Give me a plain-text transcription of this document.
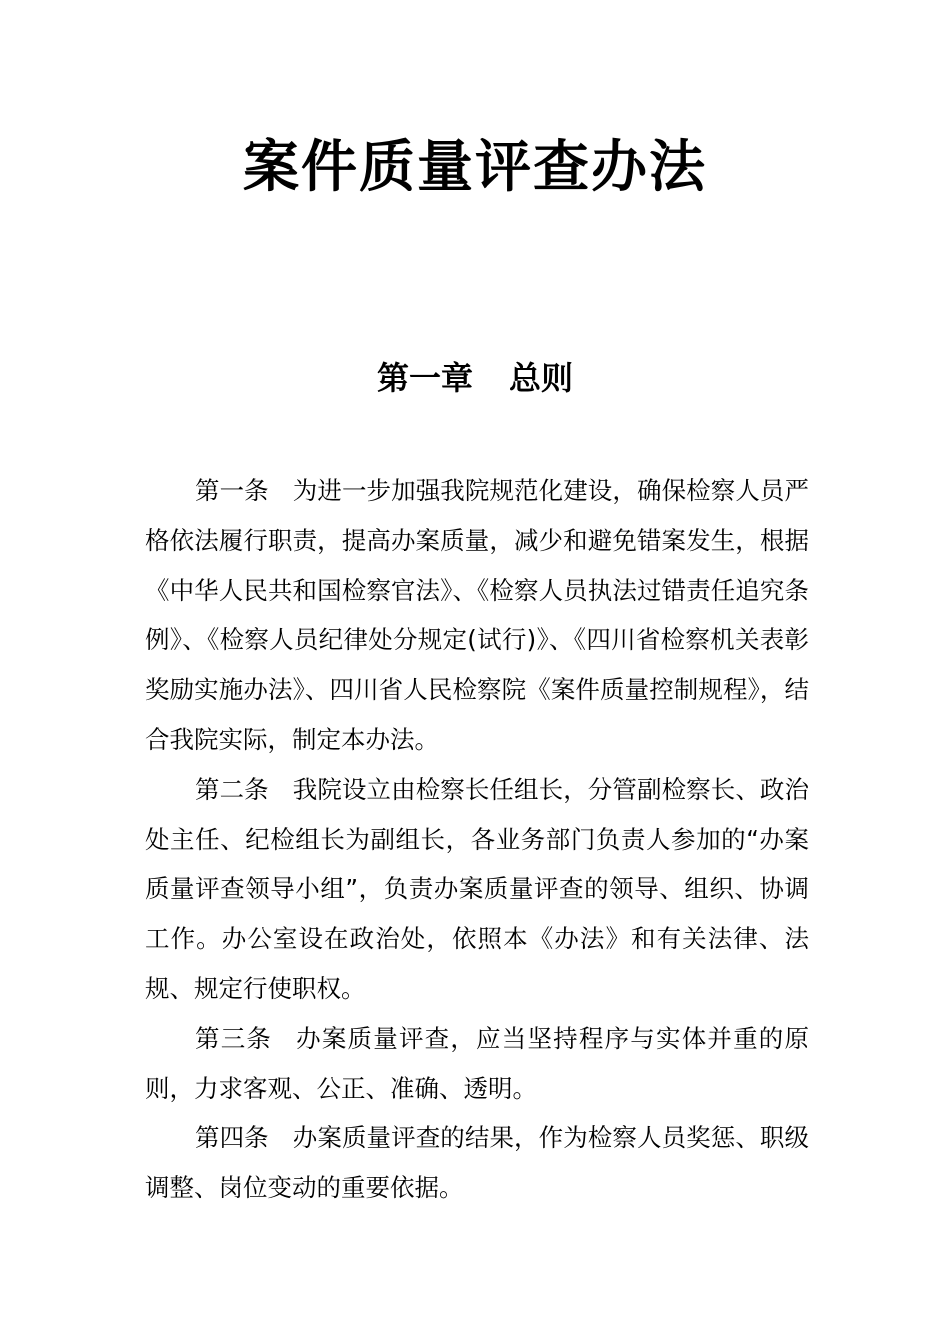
案件质量评查办法
第一章 总则

第一条 为进一步加强我院规范化建设，确保检察人员严格依法履行职责，提高办案质量，减少和避免错案发生，根据《中华人民共和国检察官法》、《检察人员执法过错责任追究条例》、《检察人员纪律处分规定(试行)》、《四川省检察机关表彰奖励实施办法》、四川省人民检察院《案件质量控制规程》，结合我院实际，制定本办法。

第二条 我院设立由检察长任组长，分管副检察长、政治处主任、纪检组长为副组长，各业务部门负责人参加的“办案质量评查领导小组”，负责办案质量评查的领导、组织、协调工作。办公室设在政治处，依照本《办法》和有关法律、法规、规定行使职权。

第三条 办案质量评查，应当坚持程序与实体并重的原则，力求客观、公正、准确、透明。

第四条 办案质量评查的结果，作为检察人员奖惩、职级调整、岗位变动的重要依据。
